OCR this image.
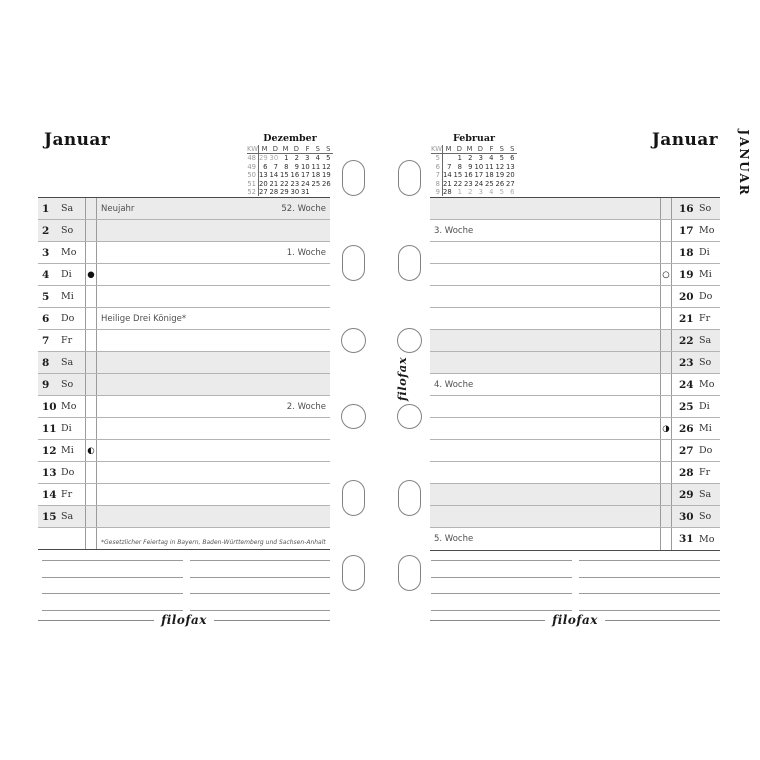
Januar	Januar
Dezember
KW M D M D F S S
48 29 30 1 2 3 4 5
49	6 7 8 9 10 11 12
50 13 14 15 16 17 18 19
51 20 21 22 23 24 25 26
52 27 28 29 30 31
Februar
KW M D M D F S S
5	1 2 3 4 5 6
6	7 8 9 10 11 12 13
7 14 15 16 17 18 19 20
8 21 22 23 24 25 26 27
9 28 1 2 3 4 5 6
1	Sa	Neujahr	52. Woche
2	So
3	Mo	1. Woche
4	Di	●
5	Mi
6	Do	Heilige Drei Könige*
7	Fr
8	Sa
9	So
10 Mo	2. Woche
11 Di
12 Mi	◐
13 Do
14 Fr
15 Sa
*Gesetzlicher Feiertag in Bayern, Baden-Württemberg und Sachsen-Anhalt
16 So
3. Woche	17 Mo
18 Di
○ 19 Mi
20 Do
21 Fr
22 Sa
23 So
4. Woche	24 Mo
25 Di
◑ 26 Mi
27 Do
28 Fr
29 Sa
30 So
5. Woche	31 Mo
filofax	filofax
filofax
JANUAR
